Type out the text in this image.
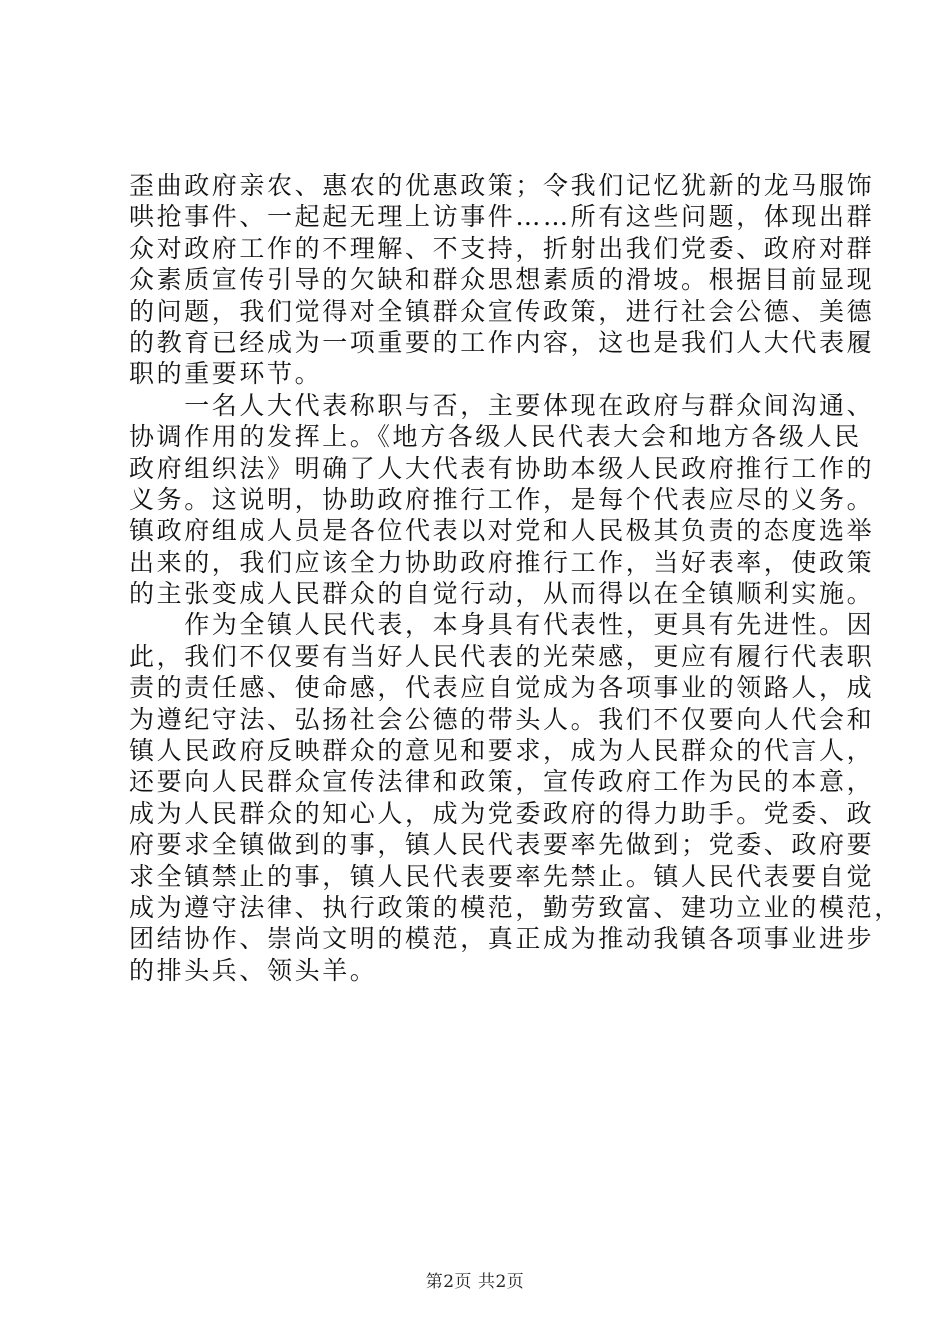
歪曲政府亲农、惠农的优惠政策；令我们记忆犹新的龙马服饰
哄抢事件、一起起无理上访事件……所有这些问题，体现出群
众对政府工作的不理解、不支持，折射出我们党委、政府对群
众素质宣传引导的欠缺和群众思想素质的滑坡。根据目前显现
的问题，我们觉得对全镇群众宣传政策，进行社会公德、美德
的教育已经成为一项重要的工作内容，这也是我们人大代表履
职的重要环节。
　　一名人大代表称职与否，主要体现在政府与群众间沟通、
协调作用的发挥上。《地方各级人民代表大会和地方各级人民
政府组织法》明确了人大代表有协助本级人民政府推行工作的
义务。这说明，协助政府推行工作，是每个代表应尽的义务。
镇政府组成人员是各位代表以对党和人民极其负责的态度选举
出来的，我们应该全力协助政府推行工作，当好表率，使政策
的主张变成人民群众的自觉行动，从而得以在全镇顺利实施。
　　作为全镇人民代表，本身具有代表性，更具有先进性。因
此，我们不仅要有当好人民代表的光荣感，更应有履行代表职
责的责任感、使命感，代表应自觉成为各项事业的领路人，成
为遵纪守法、弘扬社会公德的带头人。我们不仅要向人代会和
镇人民政府反映群众的意见和要求，成为人民群众的代言人，
还要向人民群众宣传法律和政策，宣传政府工作为民的本意，
成为人民群众的知心人，成为党委政府的得力助手。党委、政
府要求全镇做到的事，镇人民代表要率先做到；党委、政府要
求全镇禁止的事，镇人民代表要率先禁止。镇人民代表要自觉
成为遵守法律、执行政策的模范，勤劳致富、建功立业的模范，
团结协作、崇尚文明的模范，真正成为推动我镇各项事业进步
的排头兵、领头羊。
第2页 共2页
